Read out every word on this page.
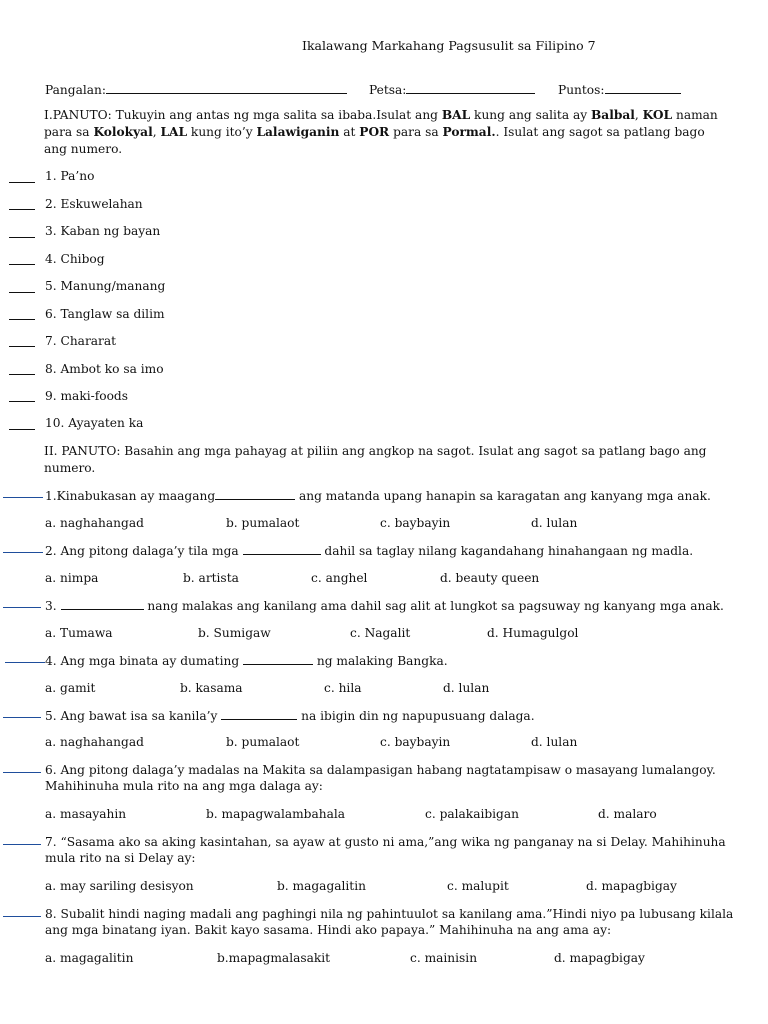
Ikalawang Markahang Pagsusulit sa Filipino 7
Pangalan:	Petsa:	Puntos:
I.PANUTO: Tukuyin ang antas ng mga salita sa ibaba.Isulat ang BAL kung ang salita ay Balbal, KOL naman para sa Kolokyal, LAL kung ito’y Lalawiganin at POR para sa Pormal.. Isulat ang sagot sa patlang bago ang numero.
1. Pa’no
2. Eskuwelahan
3. Kaban ng bayan
4. Chibog
5. Manung/manang
6. Tanglaw sa dilim
7. Chararat
8. Ambot ko sa imo
9. maki-foods
10. Ayayaten ka
II. PANUTO: Basahin ang mga pahayag at piliin ang angkop na sagot. Isulat ang sagot sa patlang bago ang numero.
1.Kinabukasan ay maagang	ang matanda upang hanapin sa karagatan ang kanyang mga anak.
a. naghahangad	b. pumalaot	c. baybayin	d. lulan
2. Ang pitong dalaga’y tila mga	dahil sa taglay nilang kagandahang hinahangaan ng madla.
a. nimpa	b. artista	c. anghel	d. beauty queen
3.	nang malakas ang kanilang ama dahil sag alit at lungkot sa pagsuway ng kanyang mga anak.
a. Tumawa	b. Sumigaw	c. Nagalit	d. Humagulgol
4. Ang mga binata ay dumating	ng malaking Bangka.
a. gamit	b. kasama	c. hila	d. lulan
5. Ang bawat isa sa kanila’y	na ibigin din ng napupusuang dalaga.
a. naghahangad	b. pumalaot	c. baybayin	d. lulan
6. Ang pitong dalaga’y madalas na Makita sa dalampasigan habang nagtatampisaw o masayang lumalangoy. Mahihinuha mula rito na ang mga dalaga ay:
a. masayahin	b. mapagwalambahala	c. palakaibigan	d. malaro
7. “Sasama ako sa aking kasintahan, sa ayaw at gusto ni ama,”ang wika ng panganay na si Delay. Mahihinuha mula rito na si Delay ay:
a. may sariling desisyon	b. magagalitin	c. malupit	d. mapagbigay
8. Subalit hindi naging madali ang paghingi nila ng pahintuulot sa kanilang ama.”Hindi niyo pa lubusang kilala ang mga binatang iyan. Bakit kayo sasama. Hindi ako papaya.” Mahihinuha na ang ama ay:
a. magagalitin	b.mapagmalasakit	c. mainisin	d. mapagbigay
